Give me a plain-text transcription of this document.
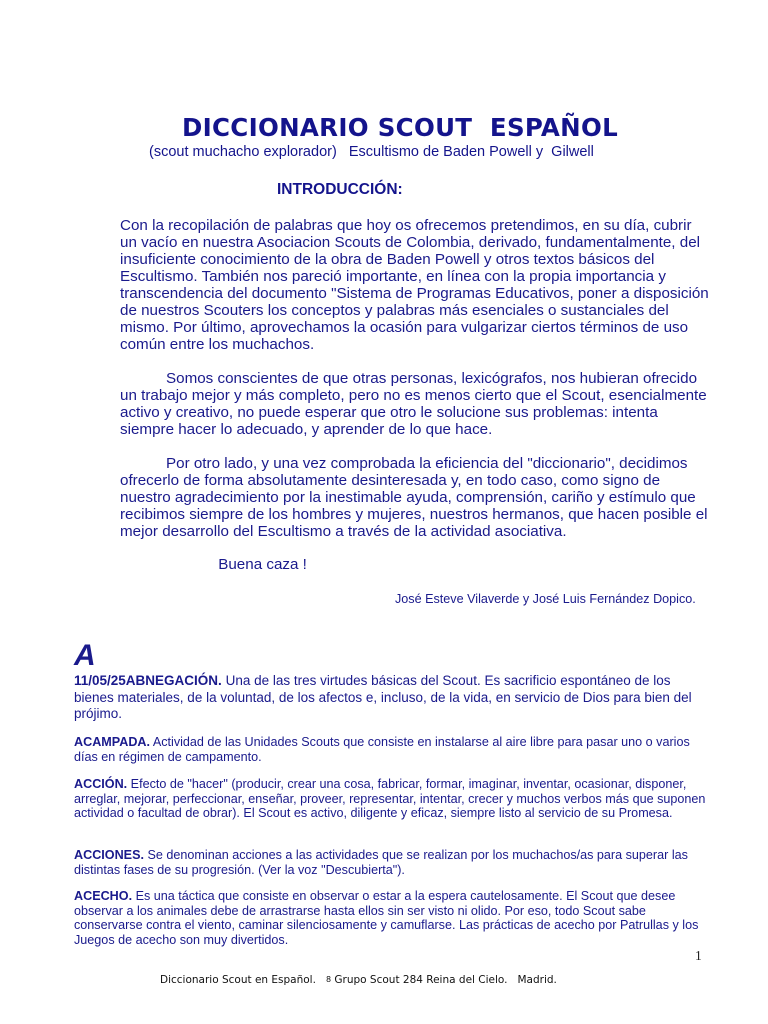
DICCIONARIO SCOUT  ESPAÑOL
(scout muchacho explorador)   Escultismo de Baden Powell y  Gilwell
INTRODUCCIÓN:

Con la recopilación de palabras que hoy os ofrecemos pretendimos, en su día, cubrir un vacío en nuestra Asociacion Scouts de Colombia, derivado, fundamentalmente, del insuficiente conocimiento de la obra de Baden Powell y otros textos básicos del Escultismo. También nos pareció importante, en línea con la propia importancia y transcendencia del documento "Sistema de Programas Educativos, poner a disposición de nuestros Scouters los conceptos y palabras más esenciales o sustanciales del mismo. Por último, aprovechamos la ocasión para vulgarizar ciertos términos de uso común entre los muchachos.

Somos conscientes de que otras personas, lexicógrafos, nos hubieran ofrecido un trabajo mejor y más completo, pero no es menos cierto que el Scout, esencialmente activo y creativo, no puede esperar que otro le solucione sus problemas: intenta siempre hacer lo adecuado, y aprender de lo que hace.

Por otro lado, y una vez comprobada la eficiencia del "diccionario", decidimos ofrecerlo de forma absolutamente desinteresada y, en todo caso, como signo de nuestro agradecimiento por la inestimable ayuda, comprensión, cariño y estímulo que recibimos siempre de los hombres y mujeres, nuestros hermanos, que hacen posible el mejor desarrollo del Escultismo a través de la actividad asociativa.

Buena caza !
José Esteve Vilaverde y José Luis Fernández Dopico.
A

11/05/25ABNEGACIÓN. Una de las tres virtudes básicas del Scout. Es sacrificio espontáneo de los bienes materiales, de la voluntad, de los afectos e, incluso, de la vida, en servicio de Dios para bien del prójimo.

ACAMPADA. Actividad de las Unidades Scouts que consiste en instalarse al aire libre para pasar uno o varios días en régimen de campamento.

ACCIÓN. Efecto de "hacer" (producir, crear una cosa, fabricar, formar, imaginar, inventar, ocasionar, disponer, arreglar, mejorar, perfeccionar, enseñar, proveer, representar, intentar, crecer y muchos verbos más que suponen actividad o facultad de obrar). El Scout es activo, diligente y eficaz, siempre listo al servicio de su Promesa.

ACCIONES. Se denominan acciones a las actividades que se realizan por los muchachos/as para superar las distintas fases de su progresión. (Ver la voz "Descubierta").

ACECHO. Es una táctica que consiste en observar o estar a la espera cautelosamente. El Scout que desee observar a los animales debe de arrastrarse hasta ellos sin ser visto ni olido. Por eso, todo Scout sabe conservarse contra el viento, caminar silenciosamente y camuflarse. Las prácticas de acecho por Patrullas y los Juegos de acecho son muy divertidos.

1
Diccionario Scout en Español. 8 Grupo Scout 284 Reina del Cielo.   Madrid.
